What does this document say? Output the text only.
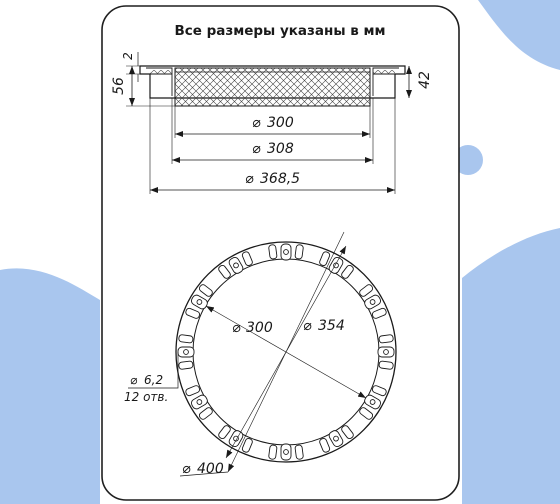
Все размеры указаны в мм
56
2
42
⌀ 300
⌀ 308
⌀ 368,5
⌀ 300 ⌀ 354
⌀ 400
⌀ 6,2
12 отв.
